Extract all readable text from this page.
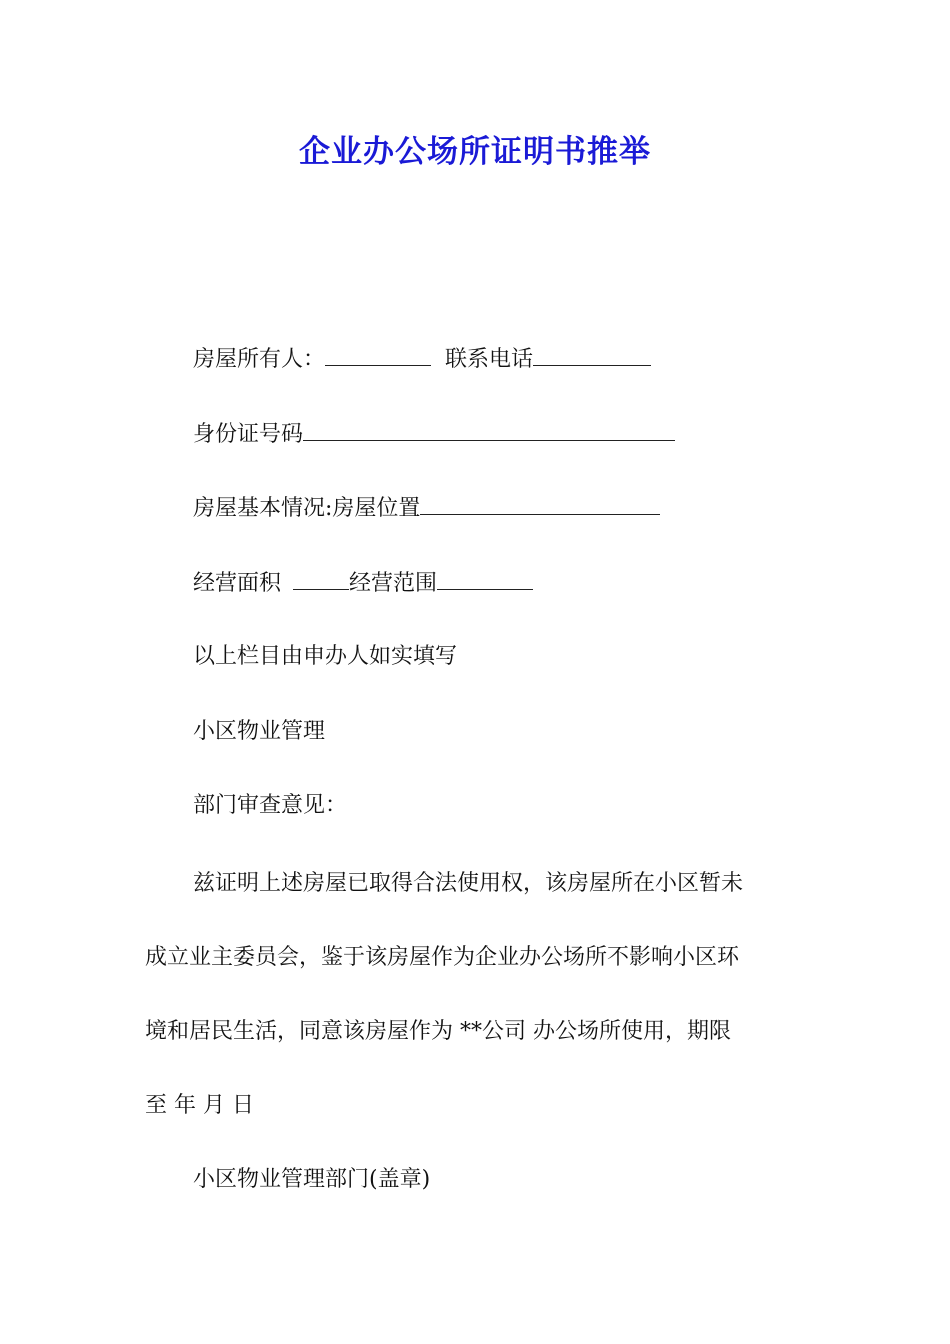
企业办公场所证明书推举
房屋所有人：	联系电话
身份证号码
房屋基本情况:房屋位置
经营面积	经营范围
以上栏目由申办人如实填写
小区物业管理
部门审查意见：
兹证明上述房屋已取得合法使用权，该房屋所在小区暂未
成立业主委员会，鉴于该房屋作为企业办公场所不影响小区环
境和居民生活，同意该房屋作为 **公司 办公场所使用，期限
至 年 月 日
小区物业管理部门(盖章)
